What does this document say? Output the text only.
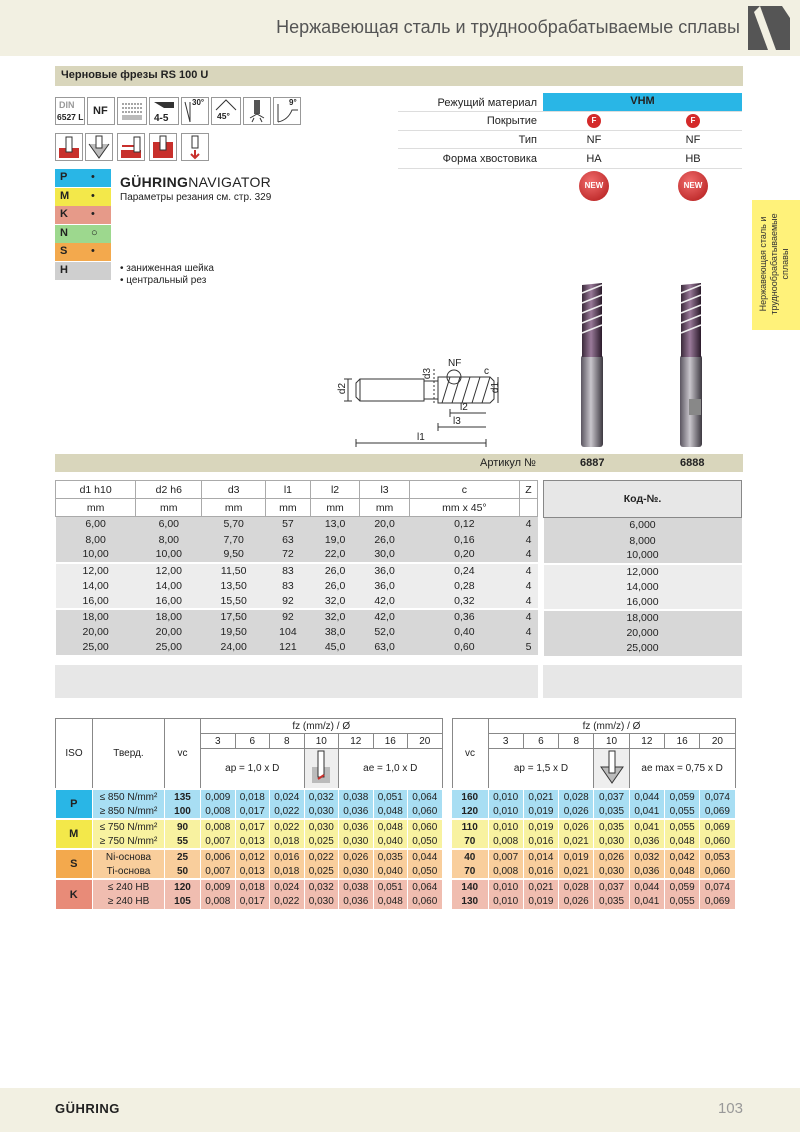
Нержавеющая сталь и труднообрабатываемые сплавы
Черновые фрезы RS 100 U
DIN
6527 L NF
4-5
30°
45°
9°
P	•
M	•
K	•
N	○
S	•
H
GÜHRINGNAVIGATOR
Параметры резания см. стр. 329
• заниженная шейка
• центральный рез
Режущий материал	VHM
Покрытие	F	F
Тип	NF	NF
Форма хвостовика	HA	HB
NEW	NEW
Нержавеющая сталь и труднообрабатываемые сплавы
d2
d3
NF
c
d1
l2
l3
l1
Артикул №	6887	6888
d1 h10	d2 h6	d3	l1	l2	l3	c	Z
mm	mm	mm	mm	mm	mm	mm x 45°	
6,00	6,00	5,70	57	13,0	20,0	0,12	4
8,00	8,00	7,70	63	19,0	26,0	0,16	4
10,00	10,00	9,50	72	22,0	30,0	0,20	4
12,00	12,00	11,50	83	26,0	36,0	0,24	4
14,00	14,00	13,50	83	26,0	36,0	0,28	4
16,00	16,00	15,50	92	32,0	42,0	0,32	4
18,00	18,00	17,50	92	32,0	42,0	0,36	4
20,00	20,00	19,50	104	38,0	52,0	0,40	4
25,00	25,00	24,00	121	45,0	63,0	0,60	5
Код-№.
6,000
8,000
10,000
12,000
14,000
16,000
18,000
20,000
25,000
ISO	Тверд.	vc	fz (mm/z) / Ø								vc	fz (mm/z) / Ø						
			3	6	8	10	12	16	20			3	6	8	10	12	16	20
			ap = 1,0 x D				ae = 1,0 x D					ap = 1,5 x D				ae max = 0,75 x D		
P	≤ 850 N/mm²	135	0,009	0,018	0,024	0,032	0,038	0,051	0,064		160	0,010	0,021	0,028	0,037	0,044	0,059	0,074
	≥ 850 N/mm²	100	0,008	0,017	0,022	0,030	0,036	0,048	0,060		120	0,010	0,019	0,026	0,035	0,041	0,055	0,069
M	≤ 750 N/mm²	90	0,008	0,017	0,022	0,030	0,036	0,048	0,060		110	0,010	0,019	0,026	0,035	0,041	0,055	0,069
	≥ 750 N/mm²	55	0,007	0,013	0,018	0,025	0,030	0,040	0,050		70	0,008	0,016	0,021	0,030	0,036	0,048	0,060
S	Ni-основа	25	0,006	0,012	0,016	0,022	0,026	0,035	0,044		40	0,007	0,014	0,019	0,026	0,032	0,042	0,053
	Ti-основа	50	0,007	0,013	0,018	0,025	0,030	0,040	0,050		70	0,008	0,016	0,021	0,030	0,036	0,048	0,060
K	≤ 240 HB	120	0,009	0,018	0,024	0,032	0,038	0,051	0,064		140	0,010	0,021	0,028	0,037	0,044	0,059	0,074
	≥ 240 HB	105	0,008	0,017	0,022	0,030	0,036	0,048	0,060		130	0,010	0,019	0,026	0,035	0,041	0,055	0,069
GÜHRING	103
